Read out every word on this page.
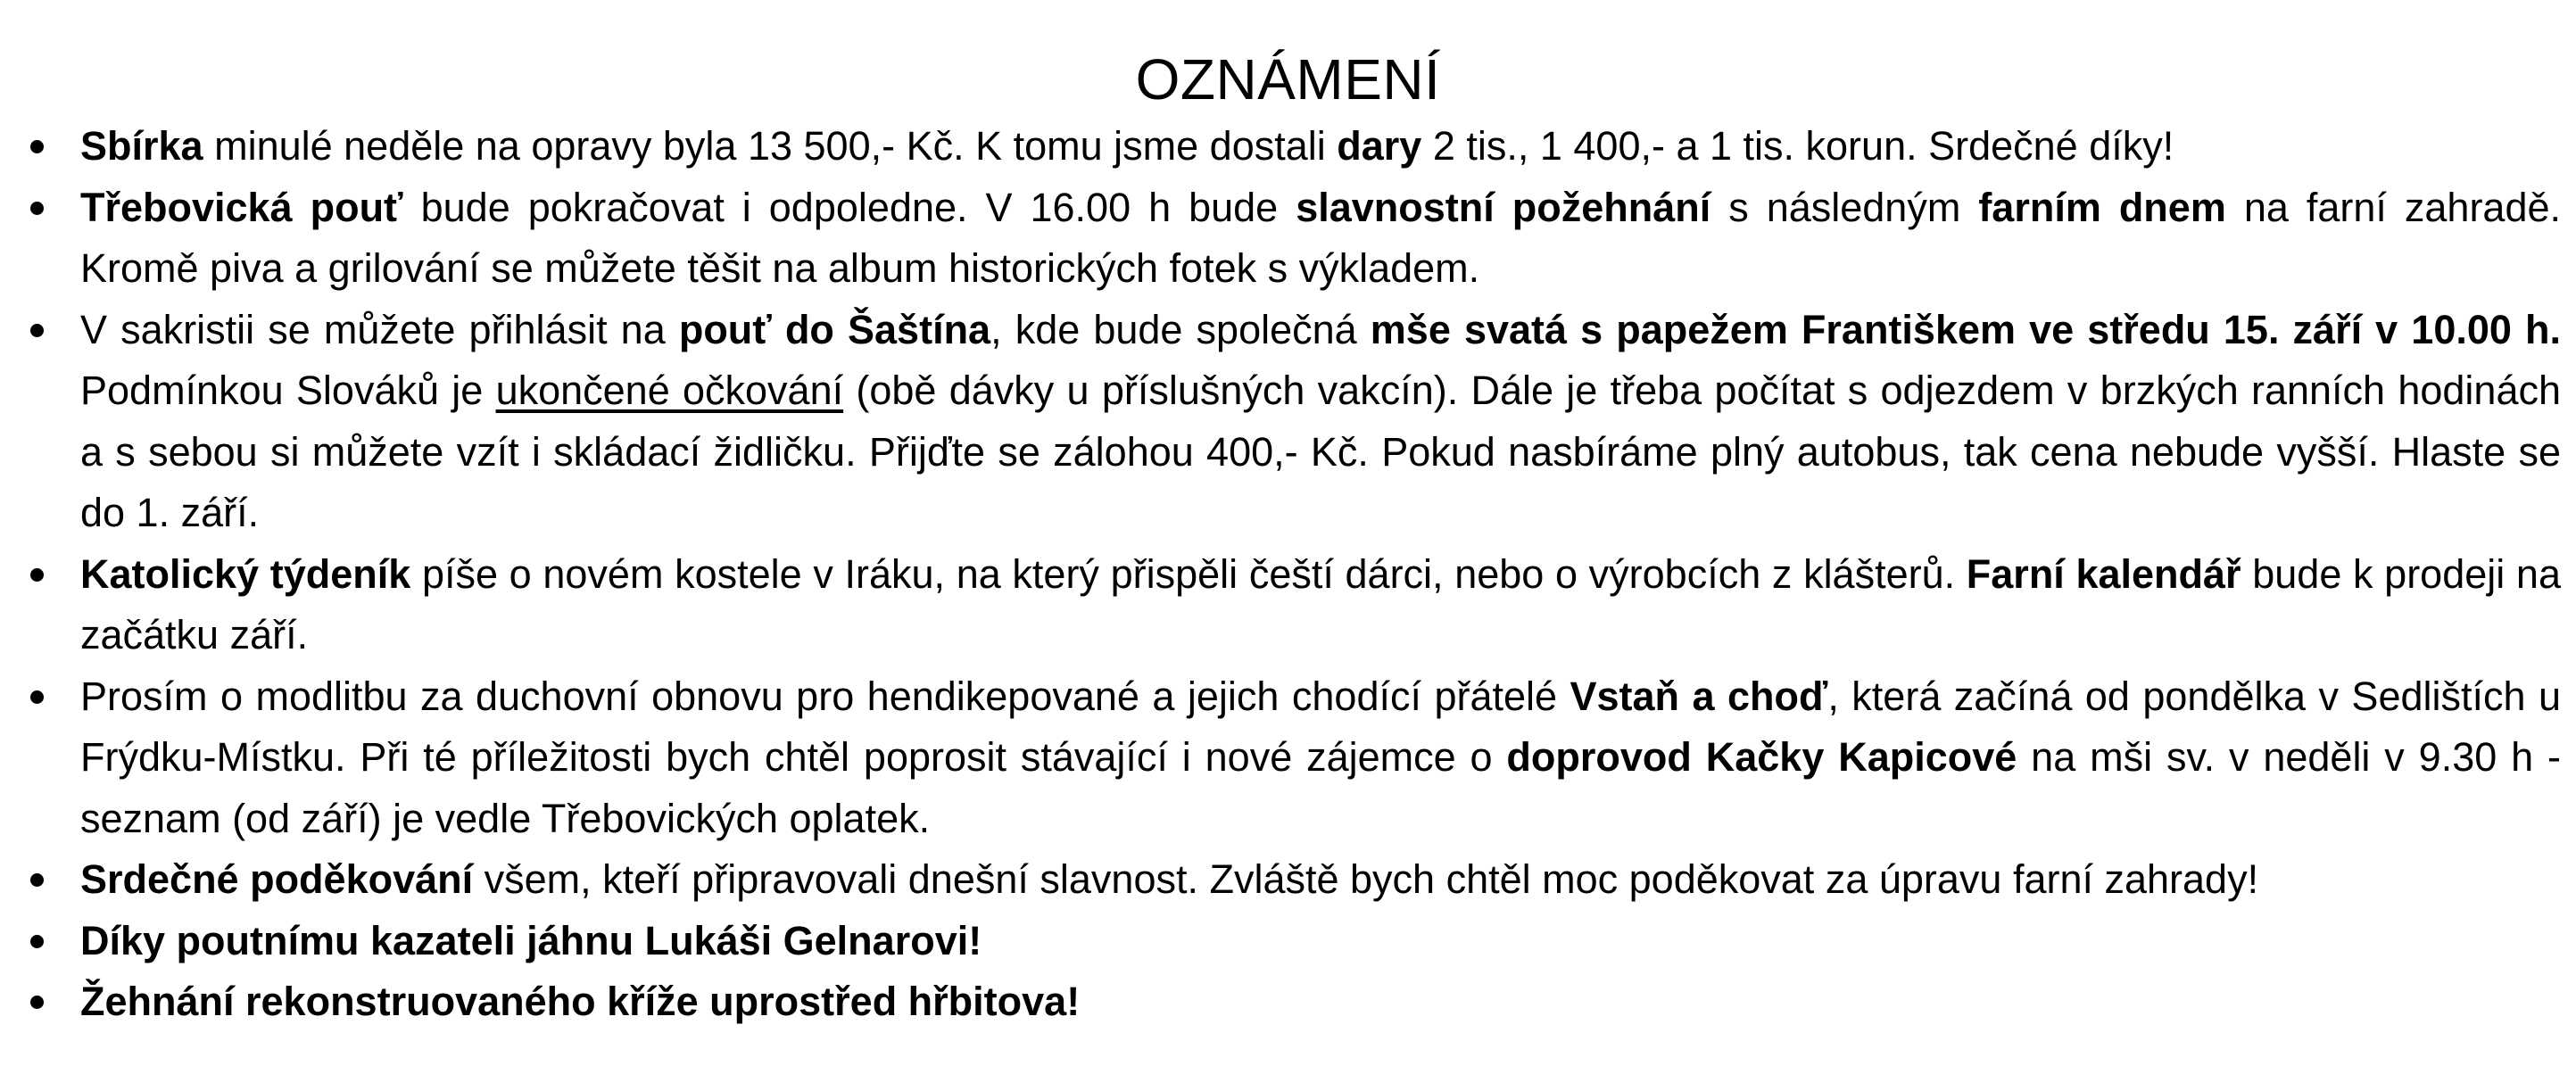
OZNÁMENÍ
Sbírka minulé neděle na opravy byla 13 500,- Kč. K tomu jsme dostali dary 2 tis., 1 400,- a 1 tis. korun. Srdečné díky!
Třebovická pouť bude pokračovat i odpoledne. V 16.00 h bude slavnostní požehnání s následným farním dnem na farní zahradě. Kromě piva a grilování se můžete těšit na album historických fotek s výkladem.
V sakristii se můžete přihlásit na pouť do Šaštína, kde bude společná mše svatá s papežem Františkem ve středu 15. září v 10.00 h. Podmínkou Slováků je ukončené očkování (obě dávky u příslušných vakcín). Dále je třeba počítat s odjezdem v brzkých ranních hodinách a s sebou si můžete vzít i skládací židličku. Přijďte se zálohou 400,- Kč. Pokud nasbíráme plný autobus, tak cena nebude vyšší. Hlaste se do 1. září.
Katolický týdeník píše o novém kostele v Iráku, na který přispěli čeští dárci, nebo o výrobcích z klášterů. Farní kalendář bude k prodeji na začátku září.
Prosím o modlitbu za duchovní obnovu pro hendikepované a jejich chodící přátelé Vstaň a choď, která začíná od pondělka v Sedlištích u Frýdku-Místku. Při té příležitosti bych chtěl poprosit stávající i nové zájemce o doprovod Kačky Kapicové na mši sv. v neděli v 9.30 h - seznam (od září) je vedle Třebovických oplatek.
Srdečné poděkování všem, kteří připravovali dnešní slavnost. Zvláště bych chtěl moc poděkovat za úpravu farní zahrady!
Díky poutnímu kazateli jáhnu Lukáši Gelnarovi!
Žehnání rekonstruovaného kříže uprostřed hřbitova!
